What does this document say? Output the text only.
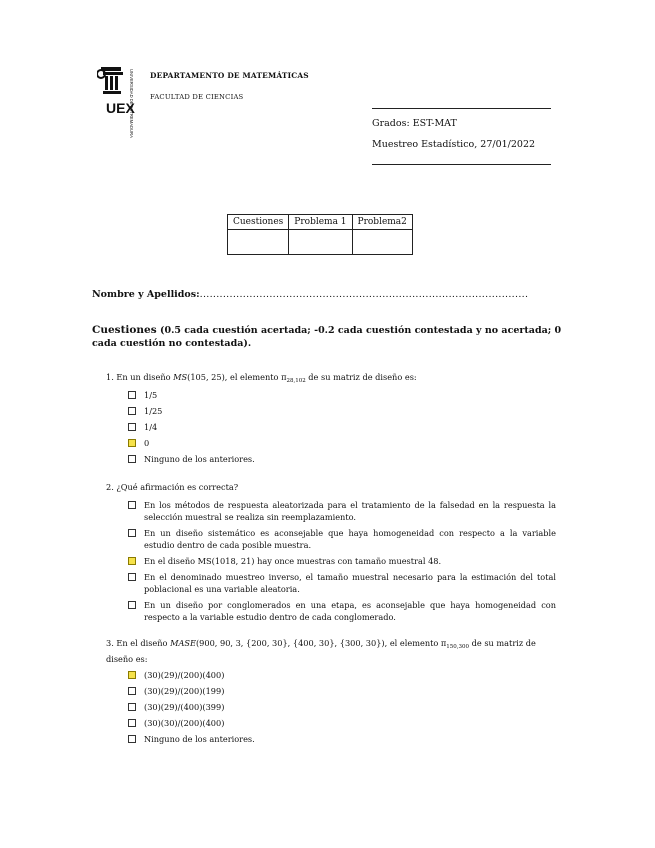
UEX
UNIVERSIDAD DE EXTREMADURA DEPARTAMENTO DE MATEMÁTICAS
FACULTAD DE CIENCIAS
Grados: EST-MAT
Muestreo Estadístico, 27/01/2022
Cuestiones	Problema 1	Problema2

Nombre y Apellidos:...................................................................................................
Cuestiones (0.5 cada cuestión acertada; -0.2 cada cuestión contestada y no acertada; 0 cada cuestión no contestada).
1. En un diseño MS(105, 25), el elemento $\pi_{28,102}$ de su matriz de diseño es:
1/5
1/25
1/4
0
Ninguno de los anteriores.
2. ¿Qué afirmación es correcta?
En los métodos de respuesta aleatorizada para el tratamiento de la falsedad en la respuesta la selección muestral se realiza sin reemplazamiento.
En un diseño sistemático es aconsejable que haya homogeneidad con respecto a la variable estudio dentro de cada posible muestra.
En el diseño MS(1018, 21) hay once muestras con tamaño muestral 48.
En el denominado muestreo inverso, el tamaño muestral necesario para la estimación del total poblacional es una variable aleatoria.
En un diseño por conglomerados en una etapa, es aconsejable que haya homogeneidad con respecto a la variable estudio dentro de cada conglomerado.
3. En el diseño MASE(900, 90, 3, {200, 30}, {400, 30}, {300, 30}), el elemento $\pi_{150,300}$ de su matriz de diseño es:
(30)(29)/(200)(400)
(30)(29)/(200)(199)
(30)(29)/(400)(399)
(30)(30)/(200)(400)
Ninguno de los anteriores.
